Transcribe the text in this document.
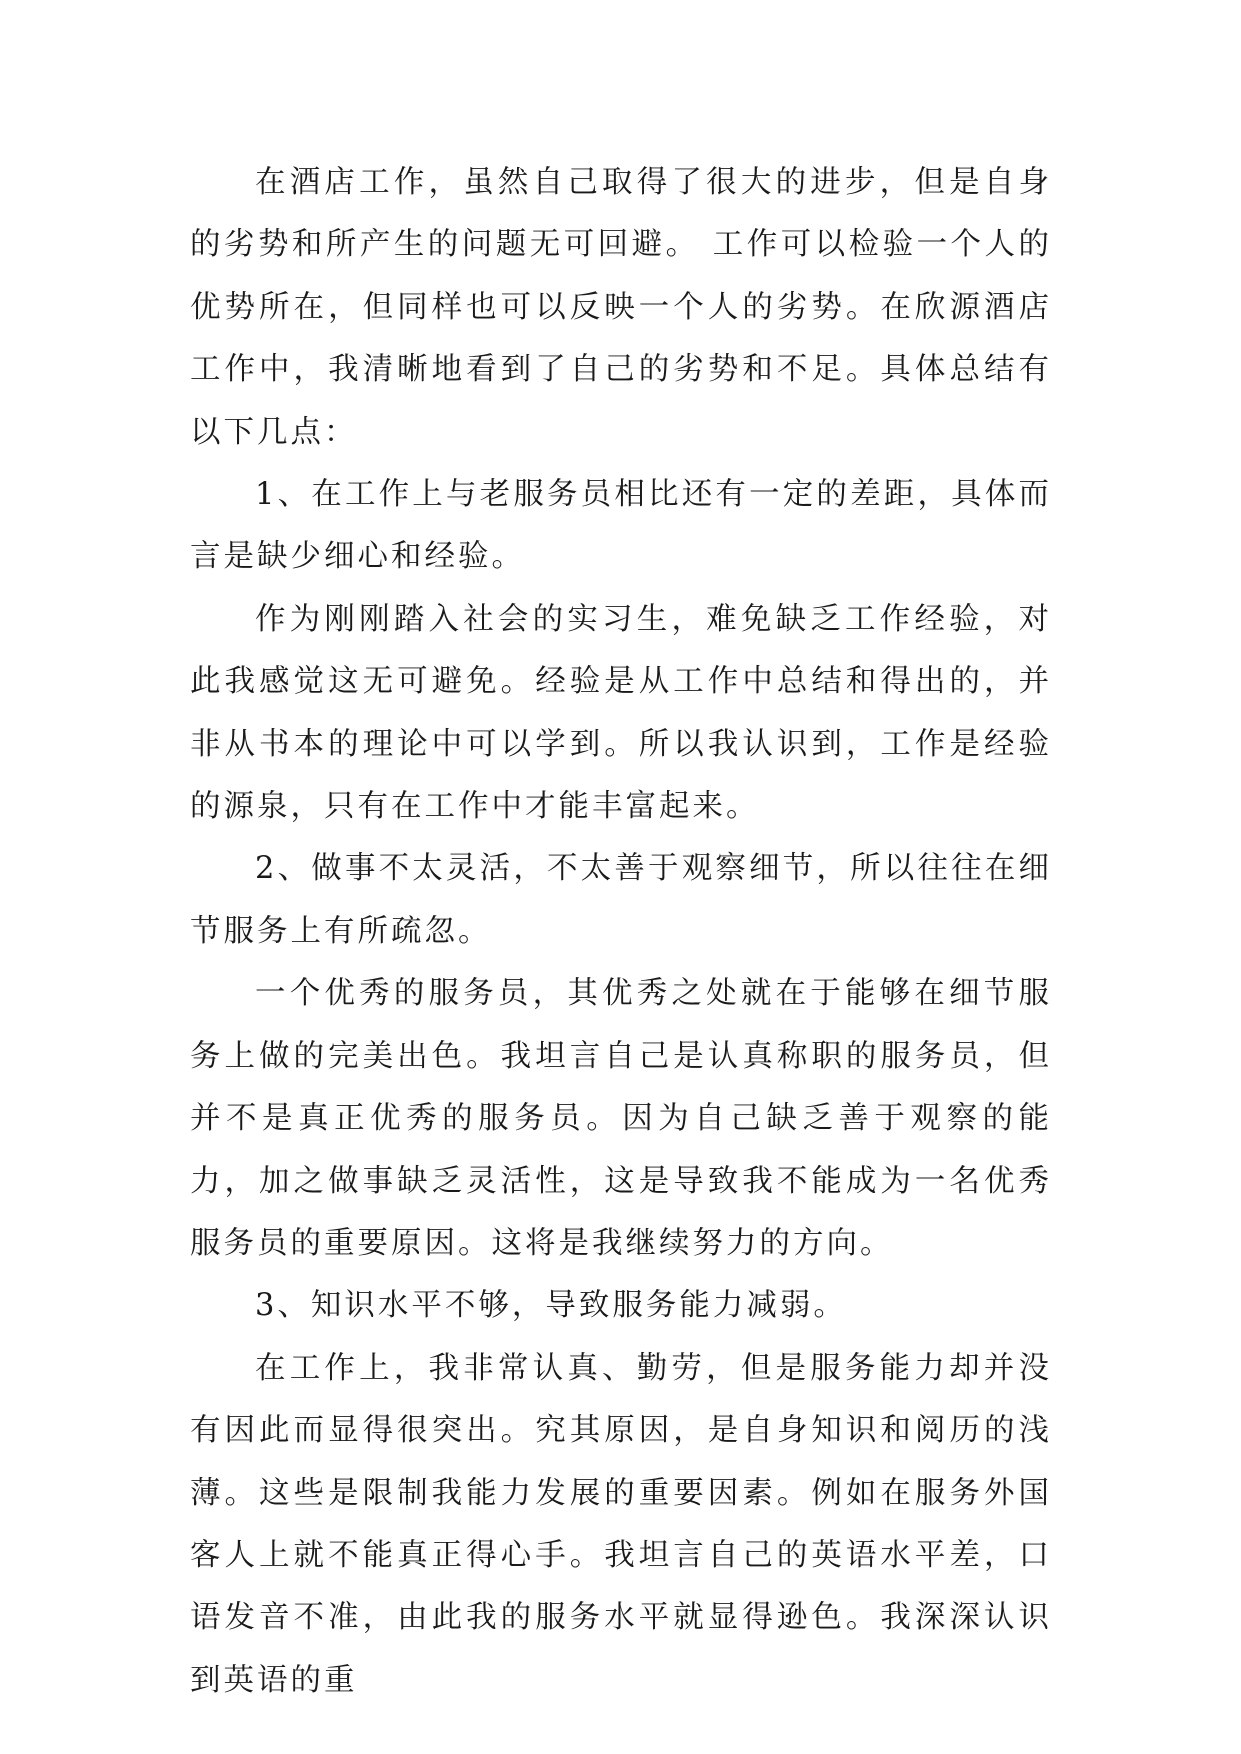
在酒店工作，虽然自己取得了很大的进步，但是自身的劣势和所产生的问题无可回避。 工作可以检验一个人的优势所在，但同样也可以反映一个人的劣势。在欣源酒店工作中，我清晰地看到了自己的劣势和不足。具体总结有以下几点：

1、在工作上与老服务员相比还有一定的差距，具体而言是缺少细心和经验。

作为刚刚踏入社会的实习生，难免缺乏工作经验，对此我感觉这无可避免。经验是从工作中总结和得出的，并非从书本的理论中可以学到。所以我认识到，工作是经验的源泉，只有在工作中才能丰富起来。

2、做事不太灵活，不太善于观察细节，所以往往在细节服务上有所疏忽。

一个优秀的服务员，其优秀之处就在于能够在细节服务上做的完美出色。我坦言自己是认真称职的服务员，但并不是真正优秀的服务员。因为自己缺乏善于观察的能力，加之做事缺乏灵活性，这是导致我不能成为一名优秀服务员的重要原因。这将是我继续努力的方向。

3、知识水平不够，导致服务能力减弱。

在工作上，我非常认真、勤劳，但是服务能力却并没有因此而显得很突出。究其原因，是自身知识和阅历的浅薄。这些是限制我能力发展的重要因素。例如在服务外国客人上就不能真正得心手。我坦言自己的英语水平差，口语发音不准，由此我的服务水平就显得逊色。我深深认识到英语的重
